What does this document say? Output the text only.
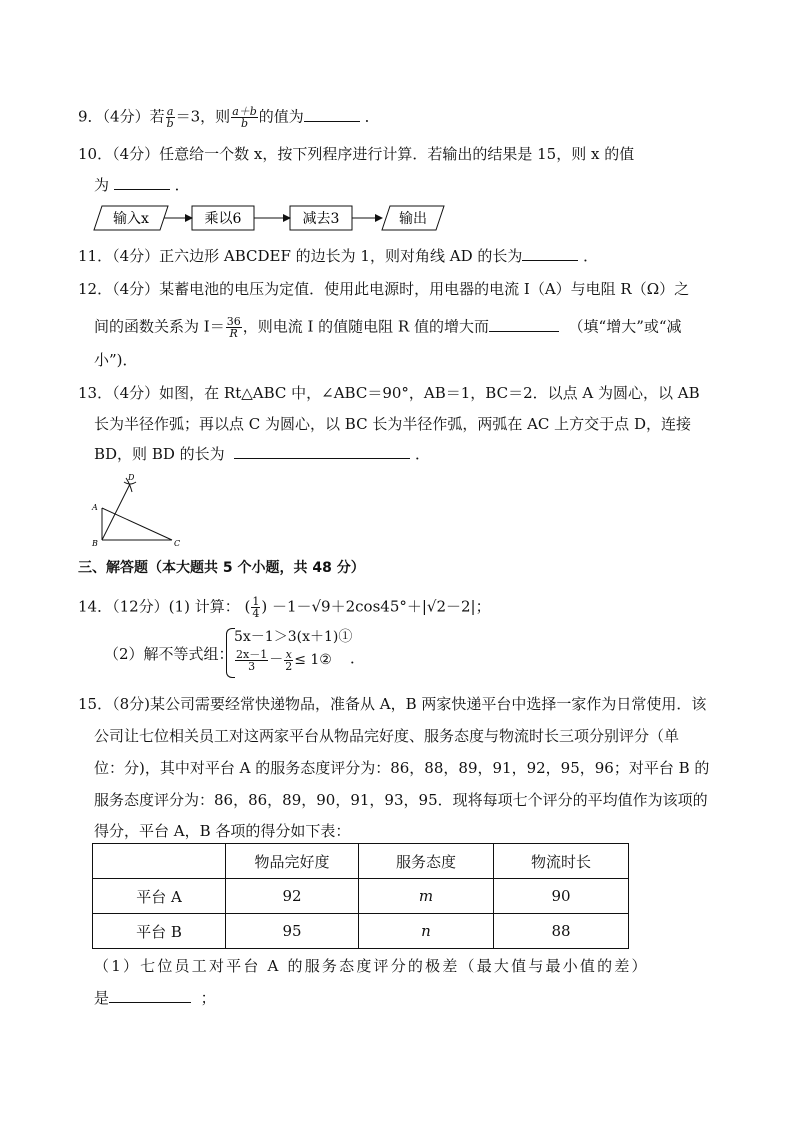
9．（4分）若 $\frac{a}{b} =3$，则 $\frac{a+b}{b}$ 的值为	．
10．（4分）任意给一个数 x，按下列程序进行计算．若输出的结果是 15，则 x 的值
为	．
输入x	乘以6	减去3	输出
11．（4分）正六边形 ABCDEF 的边长为 1，则对角线 AD 的长为	．
12．（4分）某蓄电池的电压为定值．使用此电源时，用电器的电流 I（A）与电阻 R（Ω）之
间的函数关系为 $I= \frac{36}{R}$ ，则电流 I 的值随电阻 R 值的增大而	（填“增大”或“减
小”)．
13．（4分）如图，在 Rt△ABC 中，∠ABC＝90°，AB＝1，BC＝2．以点 A 为圆心，以 AB
长为半径作弧；再以点 C 为圆心，以 BC 长为半径作弧，两弧在 AC 上方交于点 D，连接
BD，则 BD 的长为	．
D
A
B	C
三、解答题（本大题共 5 个小题，共 48 分）
14．（12分）(1) 计算： ( $\frac{1}{4}$ ) －1－√9＋2cos45°＋|√2－2|；
（2）解不等式组：
5x－1＞3(x＋1)①
$\frac{2x-1}{3} - \frac{x}{2}$ ≤ 1② ．
15．（8分)某公司需要经常快递物品，准备从 A，B 两家快递平台中选择一家作为日常使用．该
公司让七位相关员工对这两家平台从物品完好度、服务态度与物流时长三项分别评分（单
位：分)，其中对平台 A 的服务态度评分为：86，88，89，91，92，95，96；对平台 B 的
服务态度评分为：86，86，89，90，91，93，95．现将每项七个评分的平均值作为该项的
得分，平台 A，B 各项的得分如下表：
	物品完好度	服务态度	物流时长
平台 A	92	m	90
平台 B	95	n	88
（1）七位员工对平台 A 的服务态度评分的极差（最大值与最小值的差）
是	；
